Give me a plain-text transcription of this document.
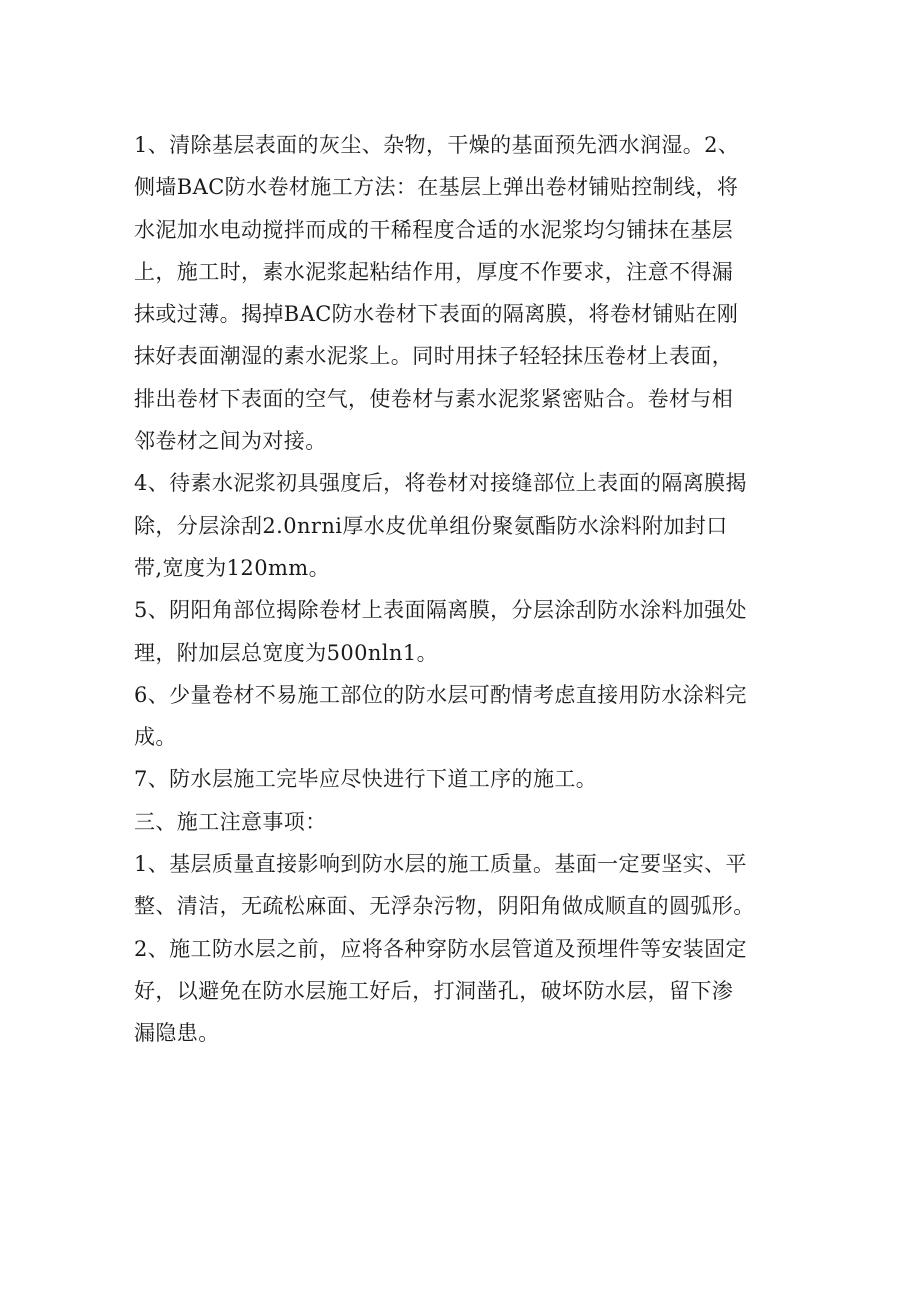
1、清除基层表面的灰尘、杂物，干燥的基面预先洒水润湿。2、
侧墙BAC防水卷材施工方法：在基层上弹出卷材铺贴控制线，将
水泥加水电动搅拌而成的干稀程度合适的水泥浆均匀铺抹在基层
上，施工时，素水泥浆起粘结作用，厚度不作要求，注意不得漏
抹或过薄。揭掉BAC防水卷材下表面的隔离膜，将卷材铺贴在刚
抹好表面潮湿的素水泥浆上。同时用抹子轻轻抹压卷材上表面，
排出卷材下表面的空气，使卷材与素水泥浆紧密贴合。卷材与相
邻卷材之间为对接。
4、待素水泥浆初具强度后，将卷材对接缝部位上表面的隔离膜揭
除，分层涂刮2.0nrni厚水皮优单组份聚氨酯防水涂料附加封口
带,宽度为120mm。
5、阴阳角部位揭除卷材上表面隔离膜，分层涂刮防水涂料加强处
理，附加层总宽度为500nln1。
6、少量卷材不易施工部位的防水层可酌情考虑直接用防水涂料完
成。
7、防水层施工完毕应尽快进行下道工序的施工。
三、施工注意事项：
1、基层质量直接影响到防水层的施工质量。基面一定要坚实、平
整、清洁，无疏松麻面、无浮杂污物，阴阳角做成顺直的圆弧形。
2、施工防水层之前，应将各种穿防水层管道及预埋件等安装固定
好，以避免在防水层施工好后，打洞凿孔，破坏防水层，留下渗
漏隐患。
